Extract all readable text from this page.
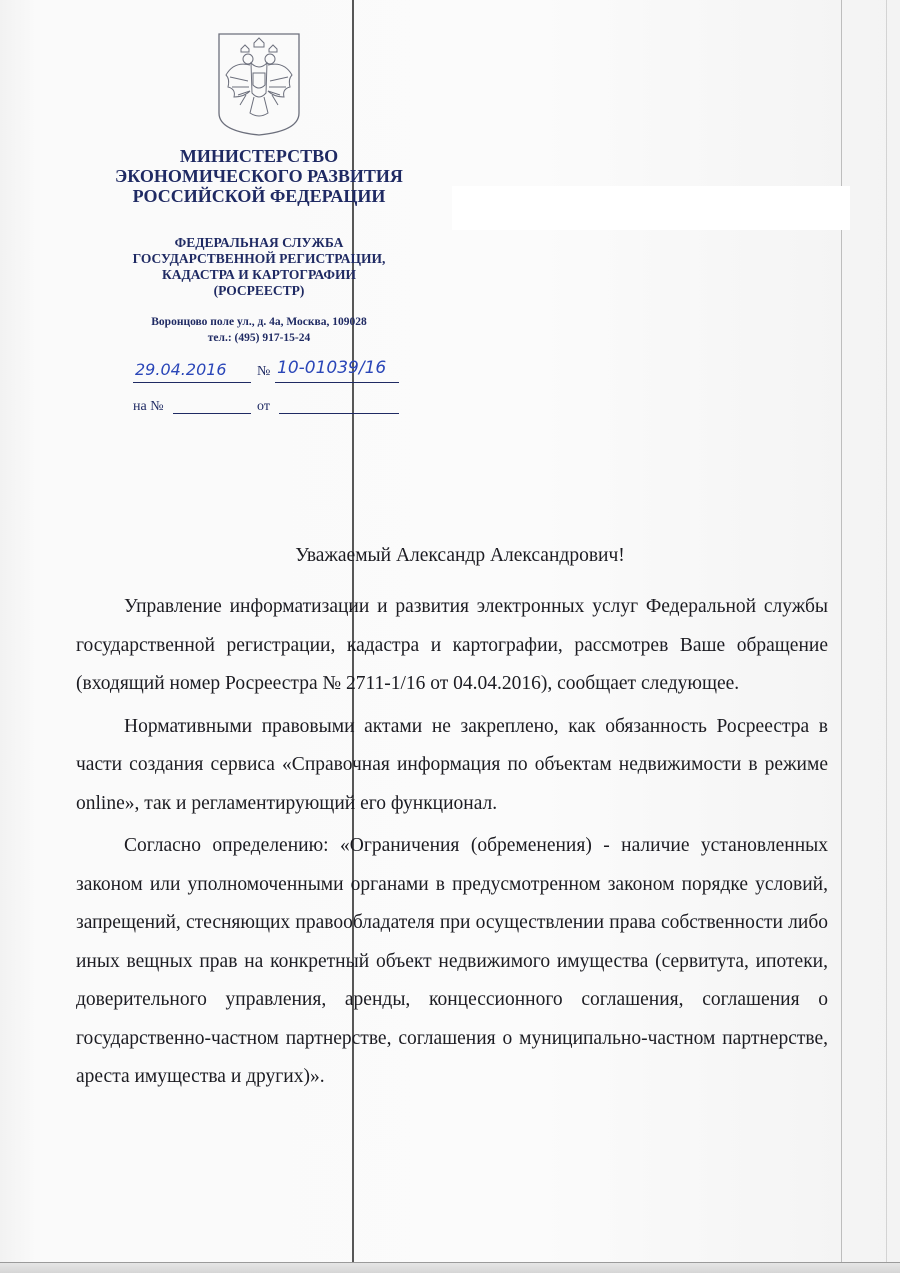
МИНИСТЕРСТВО
ЭКОНОМИЧЕСКОГО РАЗВИТИЯ
РОССИЙСКОЙ ФЕДЕРАЦИИ
ФЕДЕРАЛЬНАЯ СЛУЖБА
ГОСУДАРСТВЕННОЙ РЕГИСТРАЦИИ,
КАДАСТРА И КАРТОГРАФИИ
(РОСРЕЕСТР)
Воронцово поле ул., д. 4а, Москва, 109028
тел.: (495) 917-15-24
29.04.2016 № 10-01039/16
на №	от
Уважаемый Александр Александрович!

Управление информатизации и развития электронных услуг Федеральной службы государственной регистрации, кадастра и картографии, рассмотрев Ваше обращение (входящий номер Росреестра № 2711-1/16 от 04.04.2016), сообщает следующее.

Нормативными правовыми актами не закреплено, как обязанность Росреестра в части создания сервиса «Справочная информация по объектам недвижимости в режиме online», так и регламентирующий его функционал.

Согласно определению: «Ограничения (обременения) - наличие установленных законом или уполномоченными органами в предусмотренном законом порядке условий, запрещений, стесняющих правообладателя при осуществлении права собственности либо иных вещных прав на конкретный объект недвижимого имущества (сервитута, ипотеки, доверительного управления, аренды, концессионного соглашения, соглашения о государственно-частном партнерстве, соглашения о муниципально-частном партнерстве, ареста имущества и других)».
